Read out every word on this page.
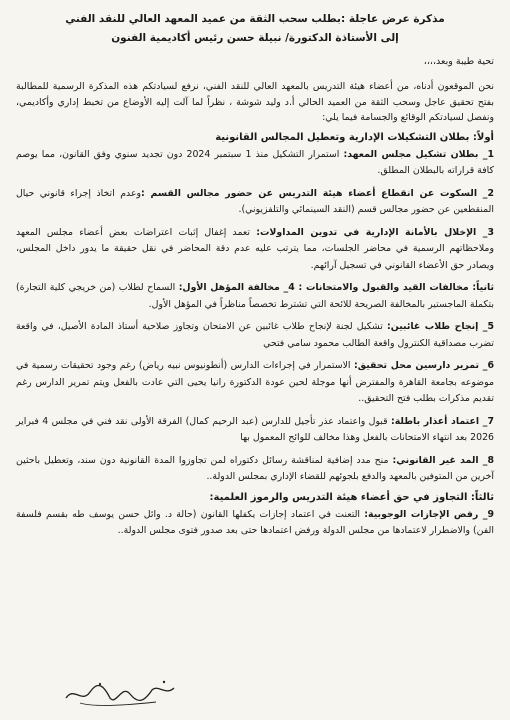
مذكرة عرض عاجلة :بطلب سحب الثقة من عميد المعهد العالي للنقد الفني
إلى الأستاذة الدكتورة/ نبيلة حسن رئيس أكاديمية الفنون
تحية طيبة وبعد،،،،
نحن الموقعون أدناه، من أعضاء هيئة التدريس بالمعهد العالي للنقد الفني، نرفع لسيادتكم هذه المذكرة الرسمية للمطالبة بفتح تحقيق عاجل وسحب الثقة من العميد الحالي أ.د وليد شوشة ، نظراً لما آلت إليه الأوضاع من تخبط إداري وأكاديمي، ونفصل لسيادتكم الوقائع والجسامة فيما يلي:
أولاً: بطلان التشكيلات الإدارية وتعطيل المجالس القانونية
1_ بطلان تشكيل مجلس المعهد: استمرار التشكيل منذ 1 سبتمبر 2024 دون تجديد سنوي وفق القانون، مما يوصم كافة قراراته بالبطلان المطلق.
2_ السكوت عن انقطاع أعضاء هيئة التدريس عن حضور مجالس القسم :وعدم اتخاذ إجراء قانوني حيال المنقطعين عن حضور مجالس قسم (النقد السينمائي والتلفزيوني).
3_ الإخلال بالأمانة الإدارية في تدوين المداولات: تعمد إغفال إثبات اعتراضات بعض أعضاء مجلس المعهد وملاحظاتهم الرسمية في محاضر الجلسات، مما يترتب عليه عدم دقة المحاضر في نقل حقيقة ما يدور داخل المجلس، ويصادر حق الأعضاء القانوني في تسجيل آرائهم.
ثانياً: مخالفات القيد والقبول والامتحانات : 4_ مخالفة المؤهل الأول: السماح لطلاب (من خريجي كلية التجارة) بتكملة الماجستير بالمخالفة الصريحة للائحة التي تشترط تخصصاً مناظراً في المؤهل الأول.
5_ إنجاح طلاب غائبين: تشكيل لجنة لإنجاح طلاب غائبين عن الامتحان وتجاوز صلاحية أستاذ المادة الأصيل، في واقعة تضرب مصداقية الكنترول واقعة الطالب محمود سامي فتحي
6_ تمرير دارسين محل تحقيق: الاستمرار في إجراءات الدارس (أنطونيوس نبيه رياض) رغم وجود تحقيقات رسمية في موضوعه بجامعة القاهرة والمفترض أنها موجلة لحين عودة الدكتورة رانيا يحيى التي عادت بالفعل ويتم تمرير الدارس رغم تقديم مذكرات بطلب فتح التحقيق..
7_ اعتماد أعذار باطلة: قبول واعتماد عذر تأجيل للدارس (عبد الرحيم كمال) الفرقة الأولى نقد فني في مجلس 4 فبراير 2026 بعد انتهاء الامتحانات بالفعل وهذا مخالف للوائح المعمول بها
8_ المد غير القانوني: منح مدد إضافية لمناقشة رسائل دكتوراه لمن تجاوزوا المدة القانونية دون سند، وتعطيل باحثين آخرين من المتوفين بالمعهد والدفع بلجوئهم للقضاء الإداري بمجلس الدولة..
ثالثاً: التجاوز في حق أعضاء هيئة التدريس والرموز العلمية:
9_ رفض الإجازات الوجوبية: التعنت في اعتماد إجازات يكفلها القانون (حالة د. وائل حسن يوسف طه بقسم فلسفة الفن) والاضطرار لاعتمادها من مجلس الدولة ورفض اعتمادها حتى بعد صدور فتوى مجلس الدولة..
